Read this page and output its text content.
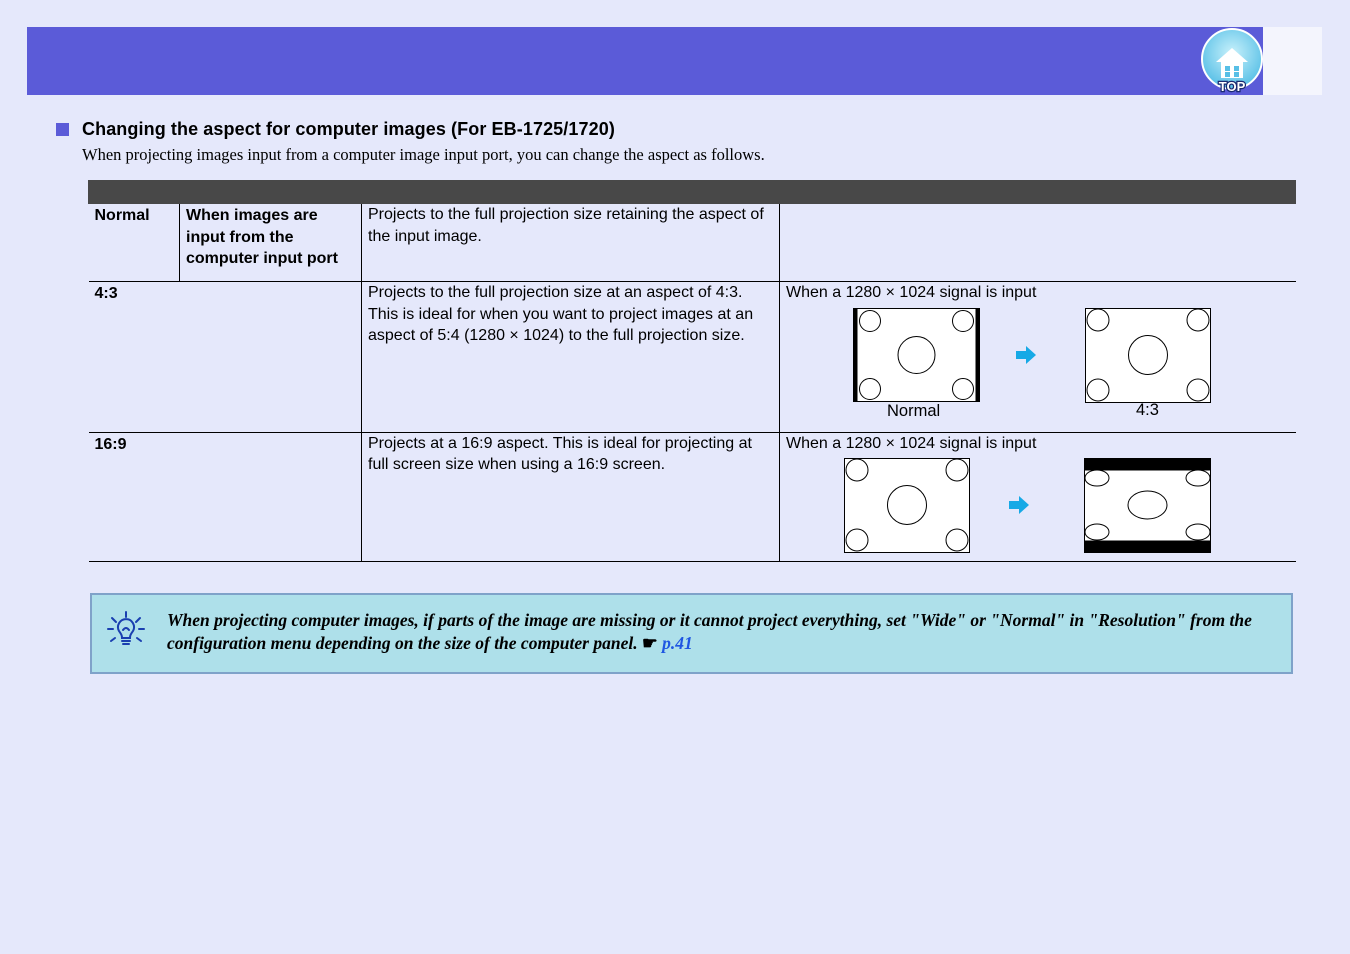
TOP
Changing the aspect for computer images (For EB-1725/1720)
When projecting images input from a computer image input port, you can change the aspect as follows.

Normal	When images are input from the computer input port	Projects to the full projection size retaining the aspect of the input image.	
4:3		Projects to the full projection size at an aspect of 4:3. This is ideal for when you want to project images at an aspect of 5:4 (1280 × 1024) to the full projection size.	When a 1280 × 1024 signal is input
Normal 4:3

16:9		Projects at a 16:9 aspect. This is ideal for projecting at full screen size when using a 16:9 screen.	When a 1280 × 1024 signal is input
When projecting computer images, if parts of the image are missing or it cannot project everything, set "Wide" or "Normal" in "Resolution" from the configuration menu depending on the size of the computer panel. ☛ p.41
